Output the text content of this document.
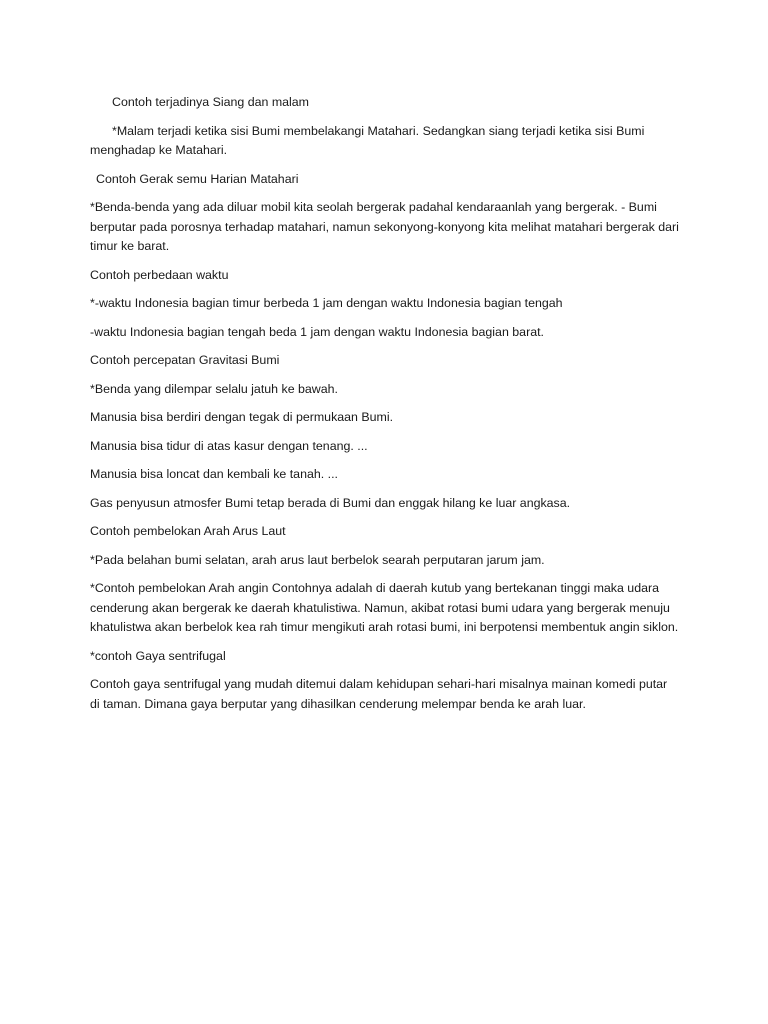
Contoh terjadinya Siang dan malam

*Malam terjadi ketika sisi Bumi membelakangi Matahari. Sedangkan siang terjadi ketika sisi Bumi menghadap ke Matahari.

Contoh Gerak semu Harian Matahari

*Benda-benda yang ada diluar mobil kita seolah bergerak padahal kendaraanlah yang bergerak. - Bumi berputar pada porosnya terhadap matahari, namun sekonyong-konyong kita melihat matahari bergerak dari timur ke barat.

Contoh perbedaan waktu

*-waktu Indonesia bagian timur berbeda 1 jam dengan waktu Indonesia bagian tengah

-waktu Indonesia bagian tengah beda 1 jam dengan waktu Indonesia bagian barat.

Contoh percepatan Gravitasi Bumi

*Benda yang dilempar selalu jatuh ke bawah.

Manusia bisa berdiri dengan tegak di permukaan Bumi.

Manusia bisa tidur di atas kasur dengan tenang. ...

Manusia bisa loncat dan kembali ke tanah. ...

Gas penyusun atmosfer Bumi tetap berada di Bumi dan enggak hilang ke luar angkasa.

Contoh pembelokan Arah Arus Laut

*Pada belahan bumi selatan, arah arus laut berbelok searah perputaran jarum jam.

*Contoh pembelokan Arah angin Contohnya adalah di daerah kutub yang bertekanan tinggi maka udara cenderung akan bergerak ke daerah khatulistiwa. Namun, akibat rotasi bumi udara yang bergerak menuju khatulistwa akan berbelok kea rah timur mengikuti arah rotasi bumi, ini berpotensi membentuk angin siklon.

*contoh Gaya sentrifugal

Contoh gaya sentrifugal yang mudah ditemui dalam kehidupan sehari-hari misalnya mainan komedi putar di taman. Dimana gaya berputar yang dihasilkan cenderung melempar benda ke arah luar.
